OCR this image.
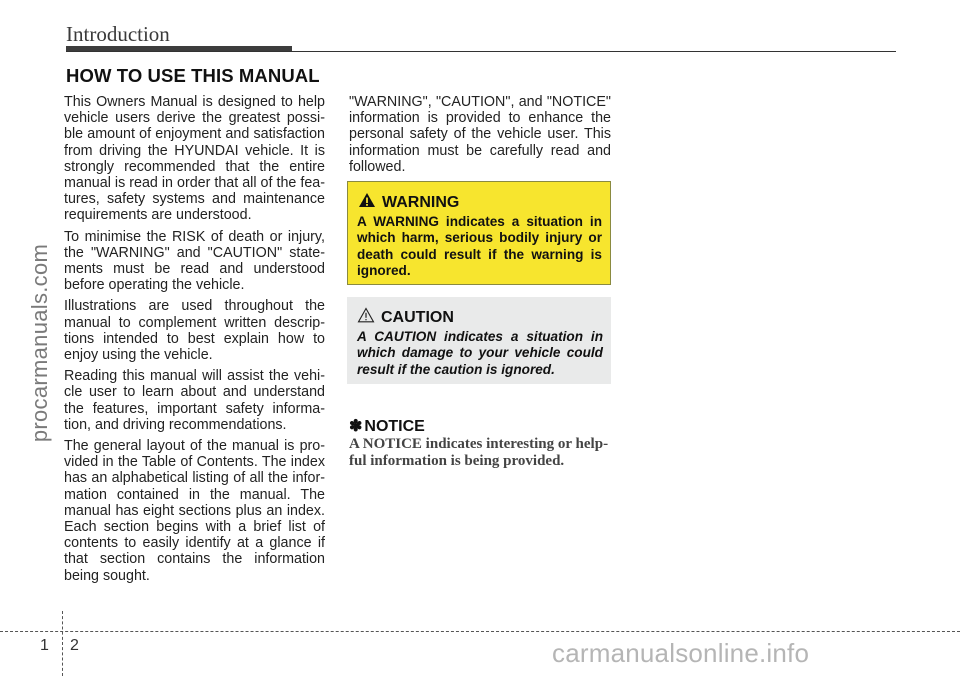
Introduction
HOW TO USE THIS MANUAL

This Owners Manual is designed to help vehicle users derive the greatest possible amount of enjoyment and satisfaction from driving the HYUNDAI vehicle. It is strongly recommended that the entire manual is read in order that all of the features, safety systems and maintenance requirements are understood.

To minimise the RISK of death or injury, the "WARNING" and "CAUTION" statements must be read and understood before operating the vehicle.

Illustrations are used throughout the manual to complement written descriptions intended to best explain how to enjoy using the vehicle.

Reading this manual will assist the vehicle user to learn about and understand the features, important safety information, and driving recommendations.

The general layout of the manual is provided in the Table of Contents. The index has an alphabetical listing of all the information contained in the manual. The manual has eight sections plus an index. Each section begins with a brief list of contents to easily identify at a glance if that section contains the information being sought.

"WARNING", "CAUTION", and "NOTICE" information is provided to enhance the personal safety of the vehicle user. This information must be carefully read and followed.

WARNING
A WARNING indicates a situation in which harm, serious bodily injury or death could result if the warning is ignored.
CAUTION
A CAUTION indicates a situation in which damage to your vehicle could result if the caution is ignored.
✽ NOTICE
A NOTICE indicates interesting or helpful information is being provided.
procarmanuals.com
1 2	carmanualsonline.info
